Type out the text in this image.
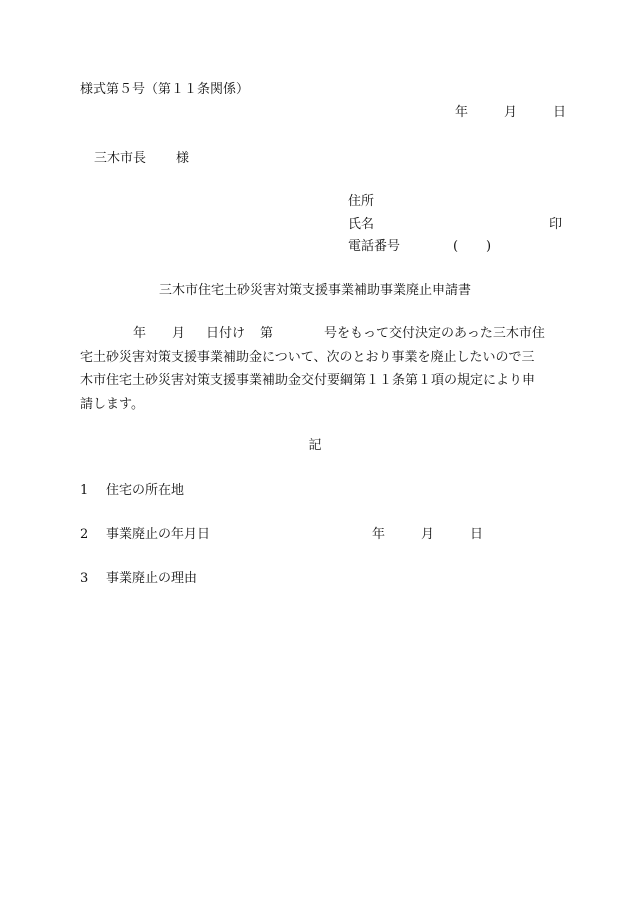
様式第５号（第１１条関係）
年	月	日
三木市長 様
住所
氏名	印
電話番号	( )
三木市住宅土砂災害対策支援事業補助事業廃止申請書
年 月 日付け 第	号をもって交付決定のあった三木市住
宅土砂災害対策支援事業補助金について、次のとおり事業を廃止したいので三
木市住宅土砂災害対策支援事業補助金交付要綱第１１条第１項の規定により申
請します。
記
1 住宅の所在地
2 事業廃止の年月日	年	月	日
3 事業廃止の理由
